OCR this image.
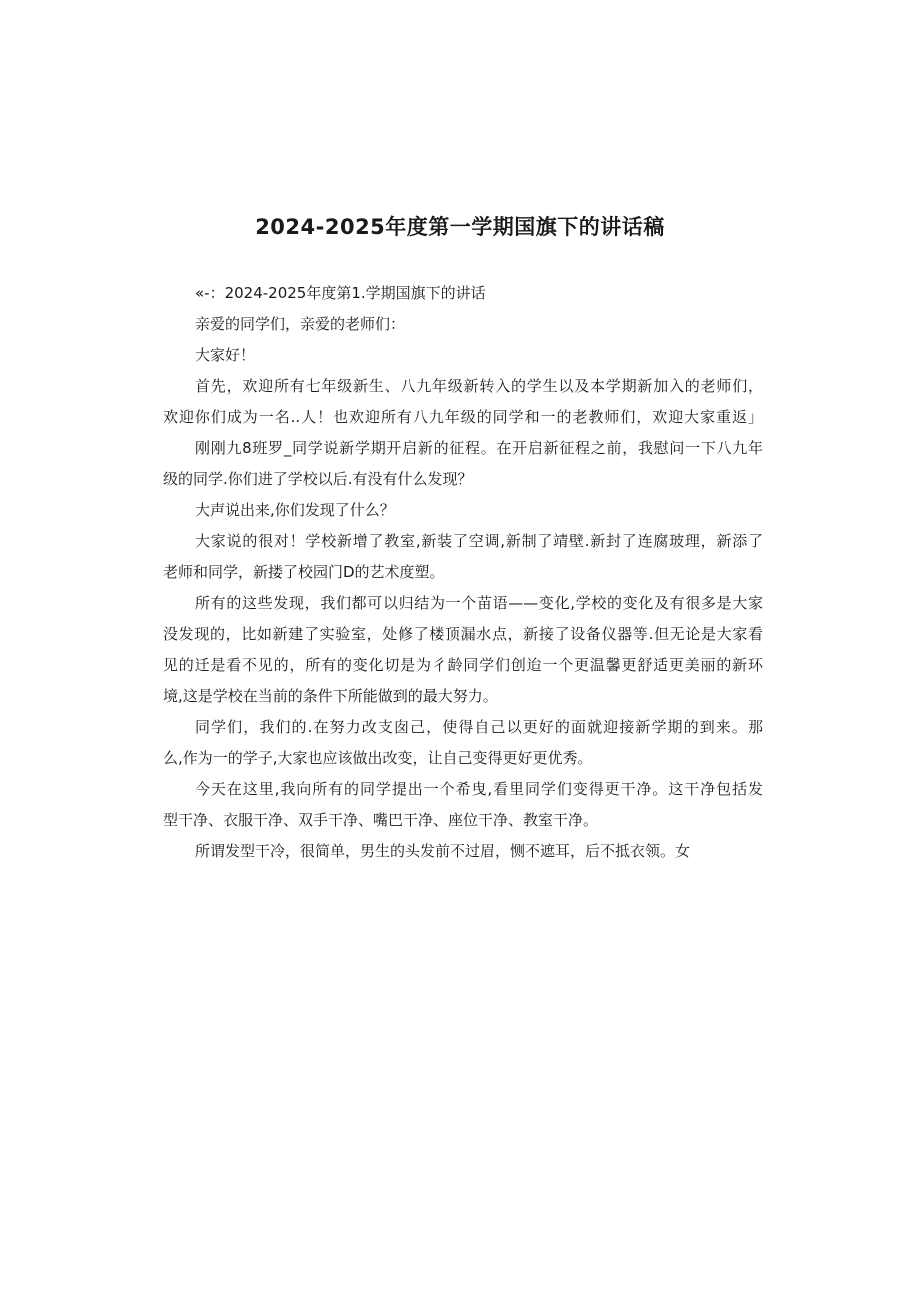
2024-2025年度第一学期国旗下的讲话稿
«-：2024-2025年度第1.学期国旗下的讲话
亲爱的同学们，亲爱的老师们：
大家好！
首先，欢迎所有七年级新生、八九年级新转入的学生以及本学期新加入的老师们，
欢迎你们成为一名..人！也欢迎所有八九年级的同学和一的老教师们，欢迎大家重返」
刚刚九8班罗_同学说新学期开启新的征程。在开启新征程之前，我慰问一下八九年
级的同学.你们进了学校以后.有没有什么发现？
大声说出来,你们发现了什么？
大家说的很对！学校新增了教室,新装了空调,新制了靖壁.新封了连腐玻理，新添了
老师和同学，新搂了校园门D的艺术度塑。
所有的这些发现，我们都可以归结为一个苗语——变化,学校的变化及有很多是大家
没发现的，比如新建了实验室，处修了楼顶漏水点，新接了设备仪器等.但无论是大家看
见的迁是看不见的，所有的变化切是为彳龄同学们创迨一个更温馨更舒适更美丽的新环
境,这是学校在当前的条件下所能做到的最大努力。
同学们，我们的.在努力改支囱己，使得自己以更好的面就迎接新学期的到来。那
么,作为一的学子,大家也应该做出改变，让自己变得更好更优秀。
今天在这里,我向所有的同学提出一个希曳,看里同学们变得更干净。这干净包括发
型干净、衣服干净、双手干净、嘴巴干净、座位干净、教室干净。
所谓发型干冷，很简单，男生的头发前不过眉，恻不遮耳，后不抵衣领。女
